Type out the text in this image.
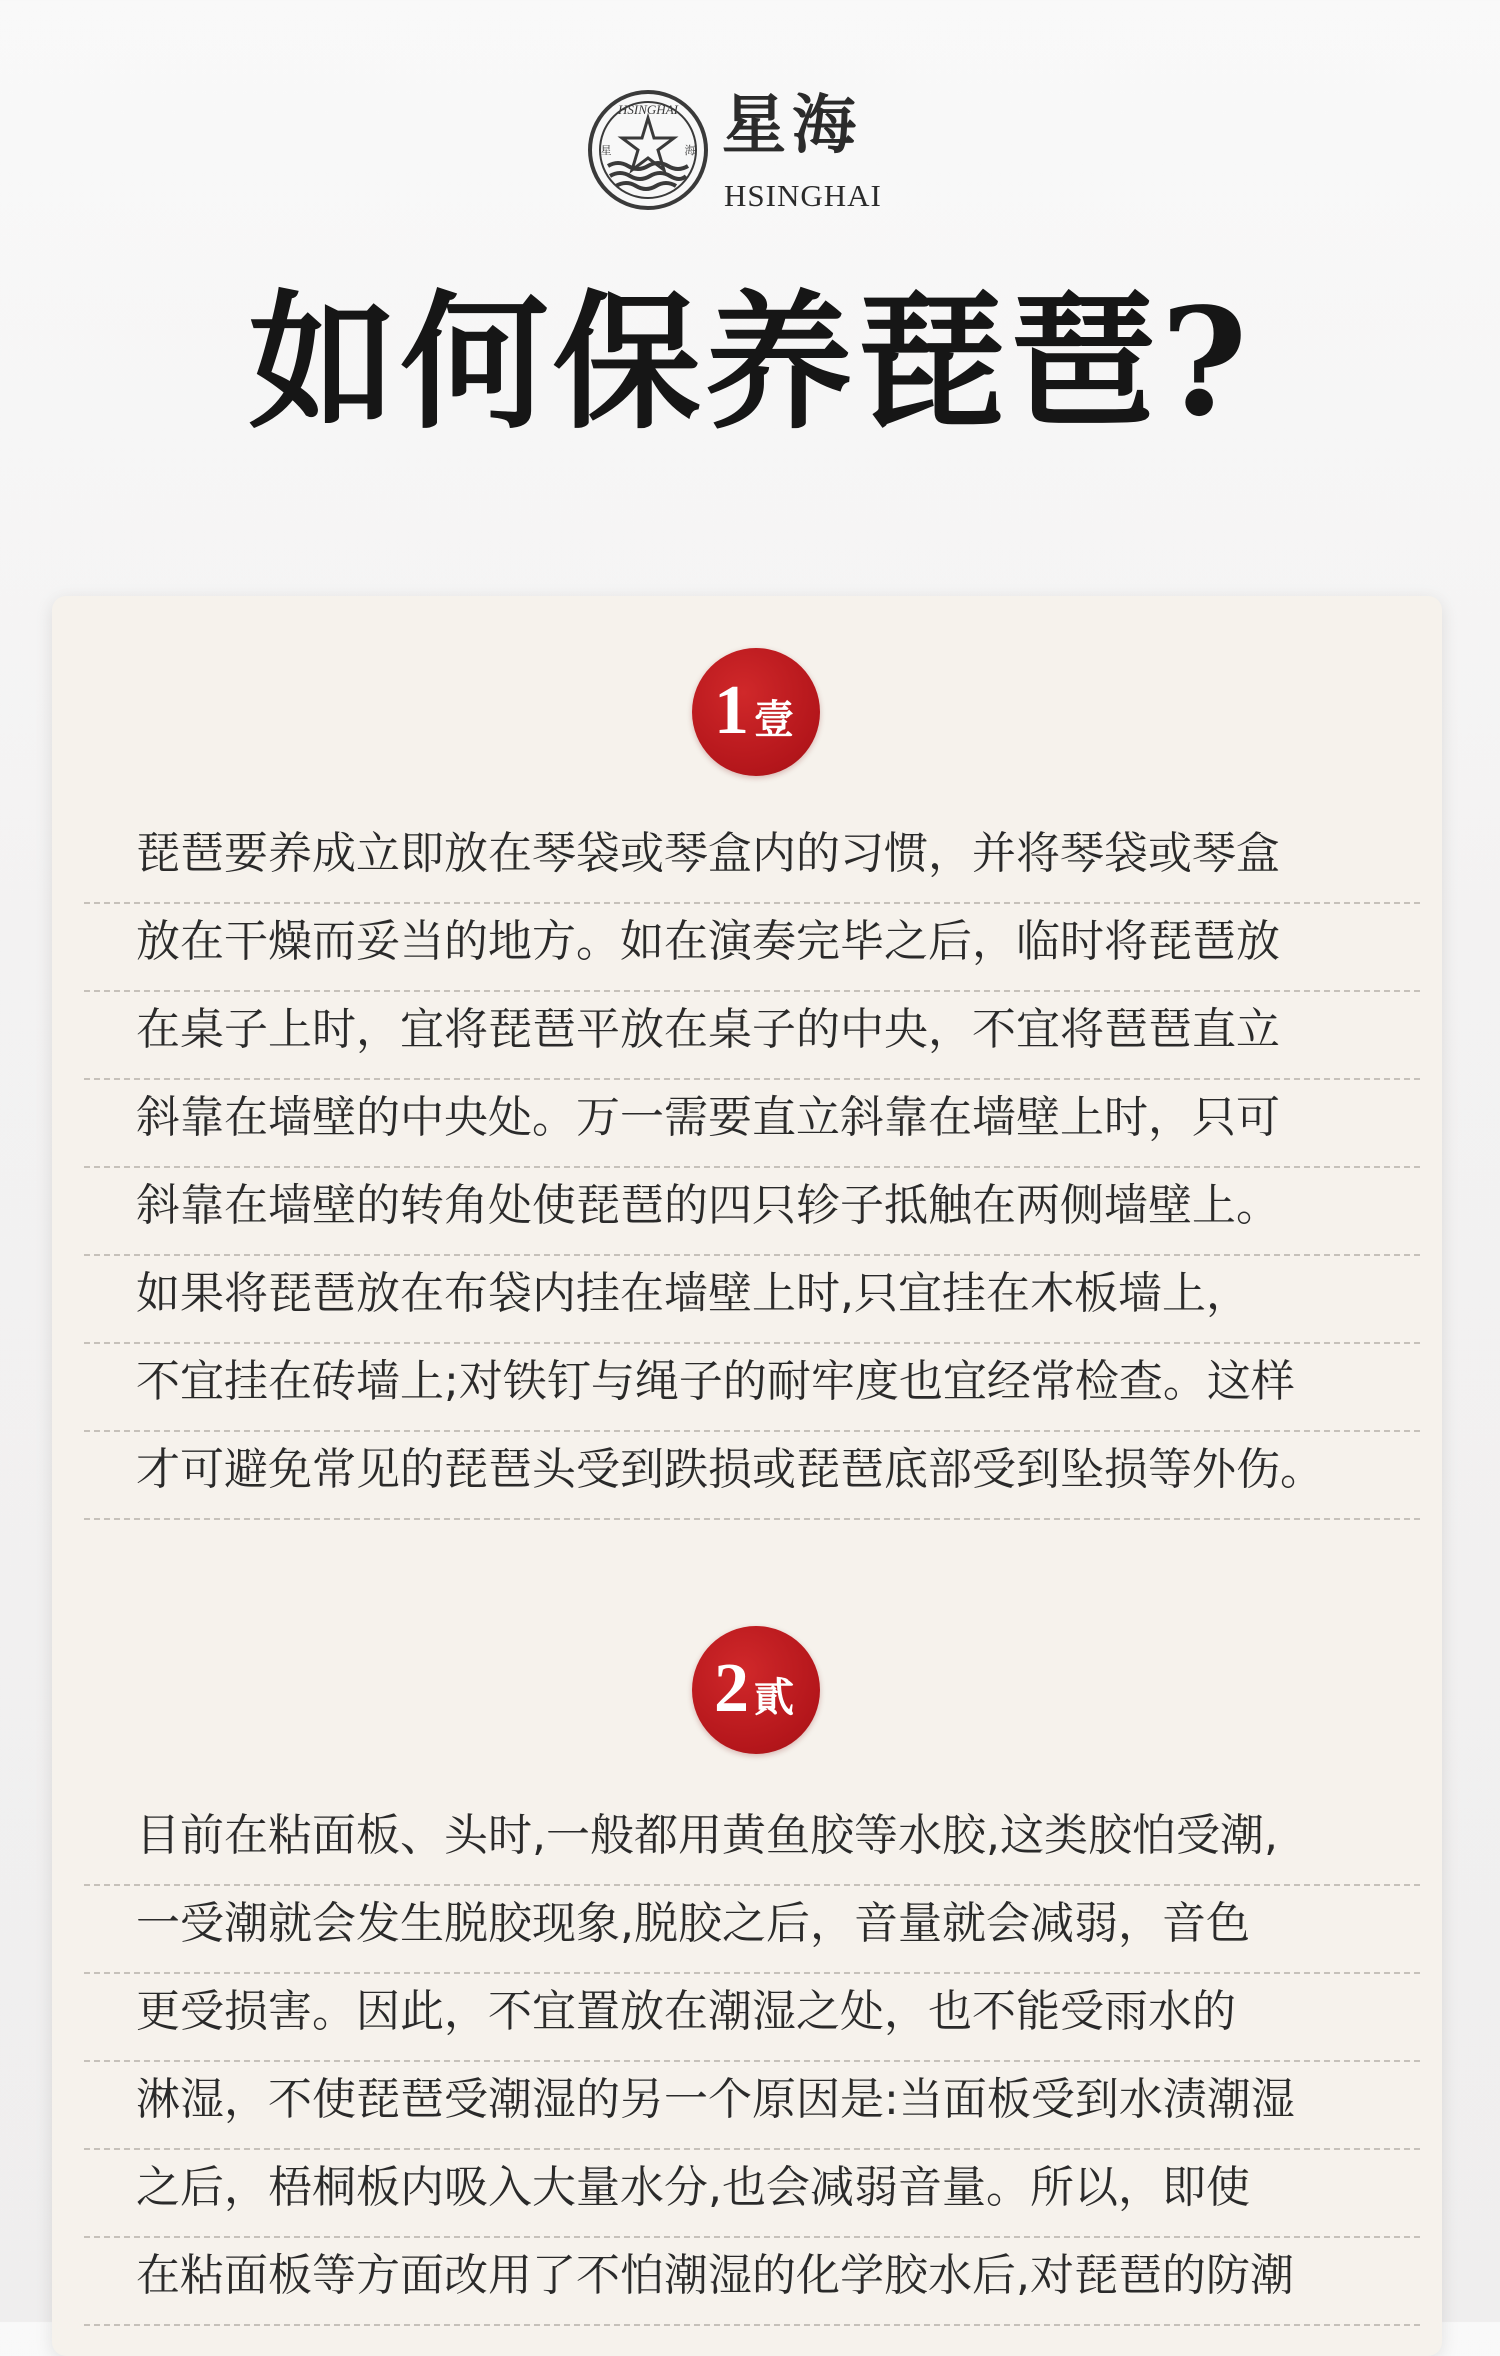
HSINGHAI
星	海 星海
HSINGHAI
如何保养琵琶?
1 壹
琵琶要养成立即放在琴袋或琴盒内的习惯，并将琴袋或琴盒
放在干燥而妥当的地方。如在演奏完毕之后，临时将琵琶放
在桌子上时，宜将琵琶平放在桌子的中央，不宜将琶琶直立
斜靠在墙壁的中央处。万一需要直立斜靠在墙壁上时，只可
斜靠在墙壁的转角处使琵琶的四只轸子抵触在两侧墙壁上。
如果将琵琶放在布袋内挂在墙壁上时,只宜挂在木板墙上，
不宜挂在砖墙上;对铁钉与绳子的耐牢度也宜经常检查。这样
才可避免常见的琵琶头受到跌损或琵琶底部受到坠损等外伤。
2 貳
目前在粘面板、头时,一般都用黄鱼胶等水胶,这类胶怕受潮,
一受潮就会发生脱胶现象,脱胶之后，音量就会减弱，音色
更受损害。因此，不宜置放在潮湿之处，也不能受雨水的
淋湿，不使琵琶受潮湿的另一个原因是:当面板受到水渍潮湿
之后，梧桐板内吸入大量水分,也会减弱音量。所以，即使
在粘面板等方面改用了不怕潮湿的化学胶水后,对琵琶的防潮
